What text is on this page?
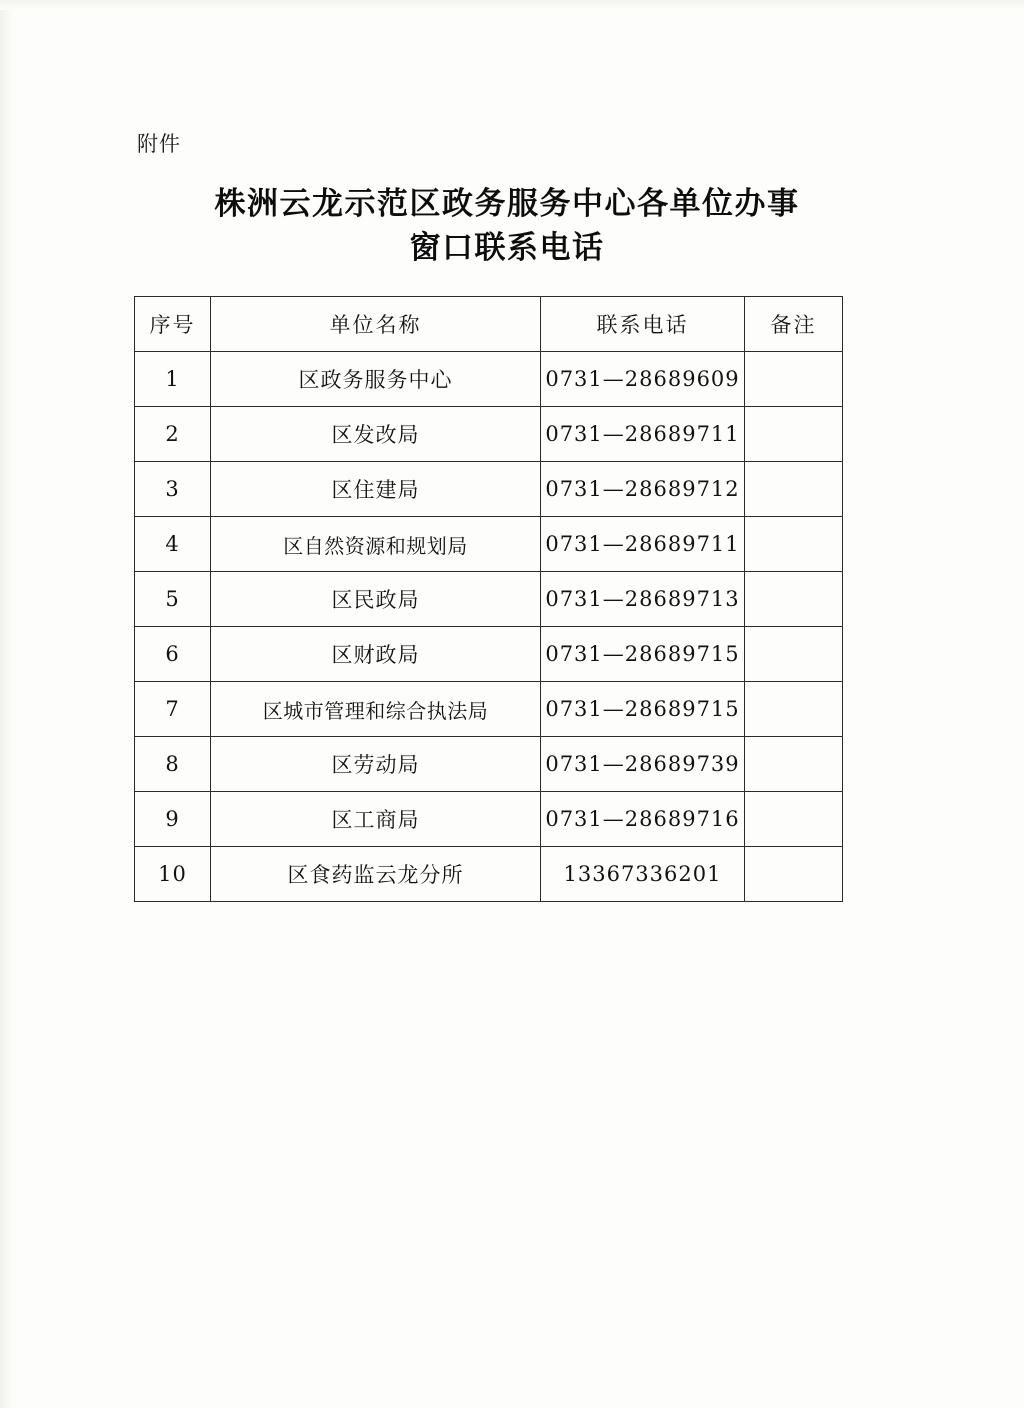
附件
株洲云龙示范区政务服务中心各单位办事
窗口联系电话
序号	单位名称	联系电话	备注
1	区政务服务中心	0731—28689609	
2	区发改局	0731—28689711	
3	区住建局	0731—28689712	
4	区自然资源和规划局	0731—28689711	
5	区民政局	0731—28689713	
6	区财政局	0731—28689715	
7	区城市管理和综合执法局	0731—28689715	
8	区劳动局	0731—28689739	
9	区工商局	0731—28689716	
10	区食药监云龙分所	13367336201	
